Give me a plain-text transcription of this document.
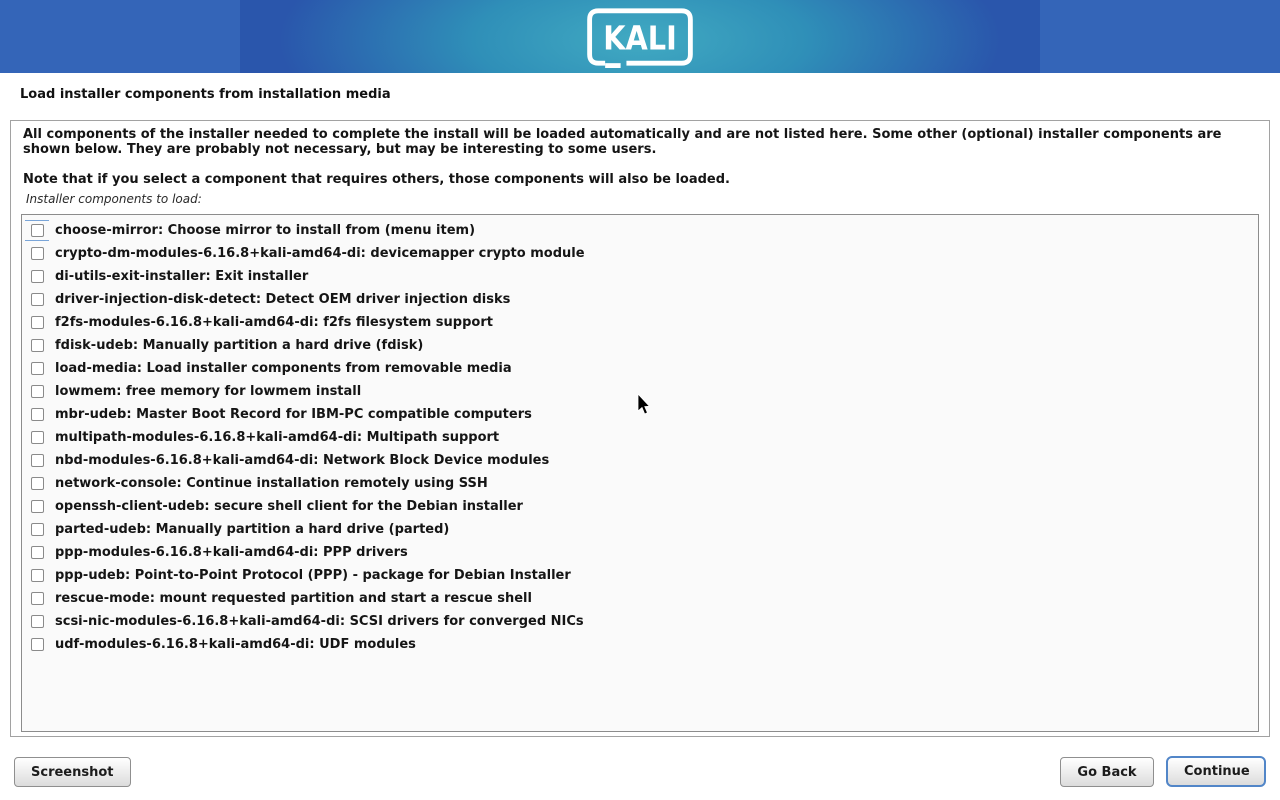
KALI
Load installer components from installation media

All components of the installer needed to complete the install will be loaded automatically and are not listed here. Some other (optional) installer components are shown below. They are probably not necessary, but may be interesting to some users.

Note that if you select a component that requires others, those components will also be loaded.

Installer components to load:
choose-mirror: Choose mirror to install from (menu item)
crypto-dm-modules-6.16.8+kali-amd64-di: devicemapper crypto module
di-utils-exit-installer: Exit installer
driver-injection-disk-detect: Detect OEM driver injection disks
f2fs-modules-6.16.8+kali-amd64-di: f2fs filesystem support
fdisk-udeb: Manually partition a hard drive (fdisk)
load-media: Load installer components from removable media
lowmem: free memory for lowmem install
mbr-udeb: Master Boot Record for IBM-PC compatible computers
multipath-modules-6.16.8+kali-amd64-di: Multipath support
nbd-modules-6.16.8+kali-amd64-di: Network Block Device modules
network-console: Continue installation remotely using SSH
openssh-client-udeb: secure shell client for the Debian installer
parted-udeb: Manually partition a hard drive (parted)
ppp-modules-6.16.8+kali-amd64-di: PPP drivers
ppp-udeb: Point-to-Point Protocol (PPP) - package for Debian Installer
rescue-mode: mount requested partition and start a rescue shell
scsi-nic-modules-6.16.8+kali-amd64-di: SCSI drivers for converged NICs
udf-modules-6.16.8+kali-amd64-di: UDF modules
Screenshot	Go Back	Continue
